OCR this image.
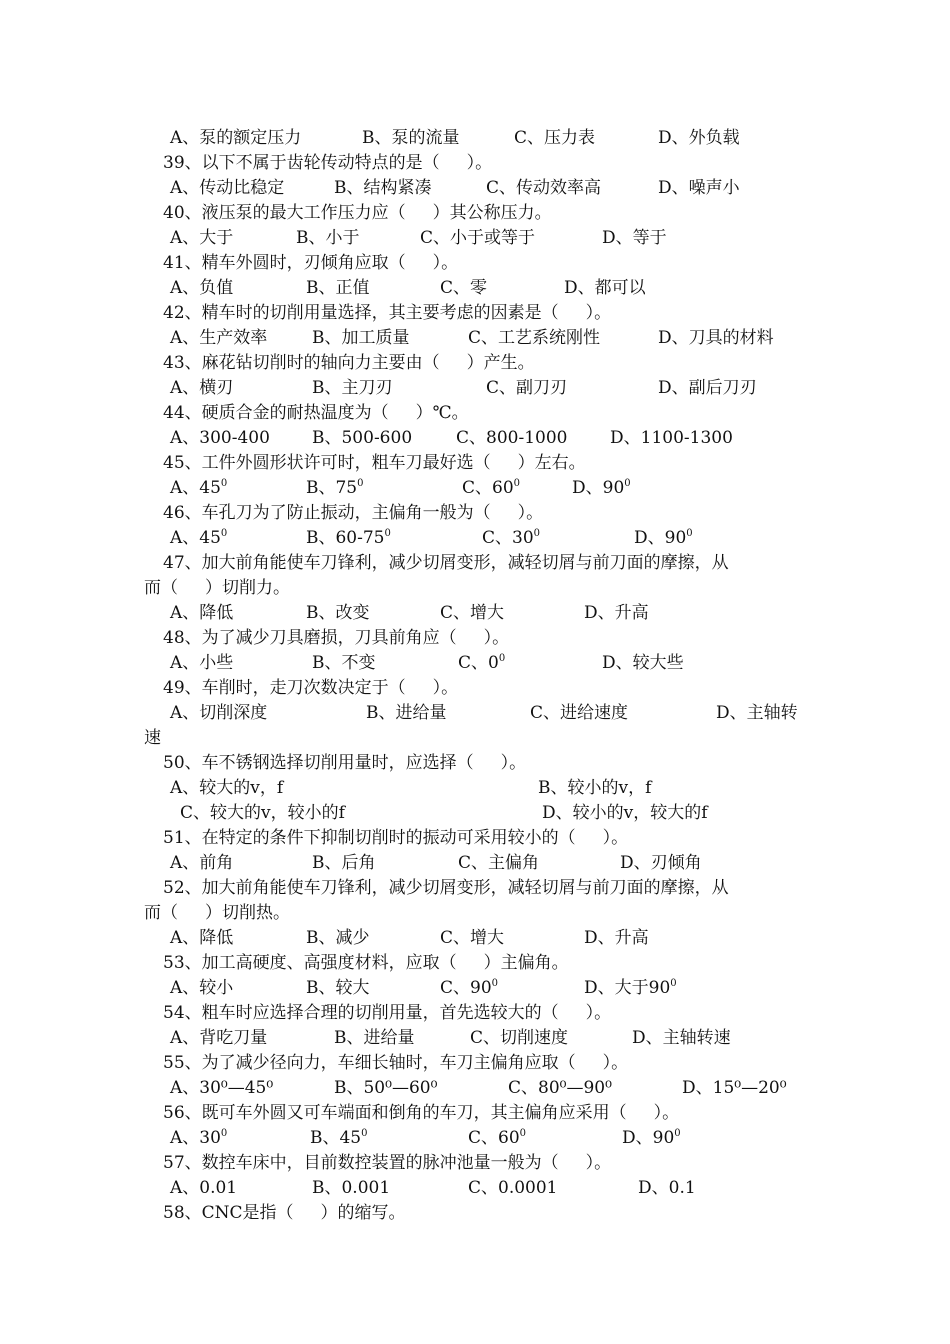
A、泵的额定压力	B、泵的流量	C、压力表	D、外负载
39、以下不属于齿轮传动特点的是（     ）。
A、传动比稳定	B、结构紧凑	C、传动效率高	D、噪声小
40、液压泵的最大工作压力应（     ）其公称压力。
A、大于	B、小于	C、小于或等于	D、等于
41、精车外圆时，刃倾角应取（     ）。
A、负值	B、正值	C、零	D、都可以
42、精车时的切削用量选择，其主要考虑的因素是（     ）。
A、生产效率	B、加工质量	C、工艺系统刚性	D、刀具的材料
43、麻花钻切削时的轴向力主要由（     ）产生。
A、横刃	B、主刀刃	C、副刀刃	D、副后刀刃
44、硬质合金的耐热温度为（     ）℃。
A、300-400 B、500-600	C、800-1000	D、1100-1300
45、工件外圆形状许可时，粗车刀最好选（     ）左右。
A、$45^0$	B、$75^0$	C、$60^0$	D、$90^0$
46、车孔刀为了防止振动，主偏角一般为（     ）。
A、$45^0$	B、$60-75^0$	C、$30^0$	D、$90^0$
47、加大前角能使车刀锋利，减少切屑变形，减轻切屑与前刀面的摩擦，从
而（     ）切削力。
A、降低	B、改变	C、增大	D、升高
48、为了减少刀具磨损，刀具前角应（     ）。
A、小些	B、不变	C、$0^0$	D、较大些
49、车削时，走刀次数决定于（     ）。
A、切削深度	B、进给量	C、进给速度	D、主轴转
速
50、车不锈钢选择切削用量时，应选择（     ）。
A、较大的v，f	B、较小的v，f
C、较大的v，较小的f	D、较小的v，较大的f
51、在特定的条件下抑制切削时的振动可采用较小的（     ）。
A、前角	B、后角	C、主偏角	D、刃倾角
52、加大前角能使车刀锋利，减少切屑变形，减轻切屑与前刀面的摩擦，从
而（     ）切削热。
A、降低	B、减少	C、增大	D、升高
53、加工高硬度、高强度材料，应取（     ）主偏角。
A、较小	B、较大	C、$90^0$	D、大于$90^0$
54、粗车时应选择合理的切削用量，首先选较大的（     ）。
A、背吃刀量	B、进给量	C、切削速度	D、主轴转速
55、为了减少径向力，车细长轴时，车刀主偏角应取（     ）。
A、30⁰—45⁰	B、50⁰—60⁰	C、80⁰—90⁰	D、15⁰—20⁰
56、既可车外圆又可车端面和倒角的车刀，其主偏角应采用（     ）。
A、$30^0$	B、$45^0$	C、$60^0$	D、$90^0$
57、数控车床中，目前数控装置的脉冲池量一般为（     ）。
A、0.01	B、0.001	C、0.0001	D、0.1
58、CNC是指（     ）的缩写。
